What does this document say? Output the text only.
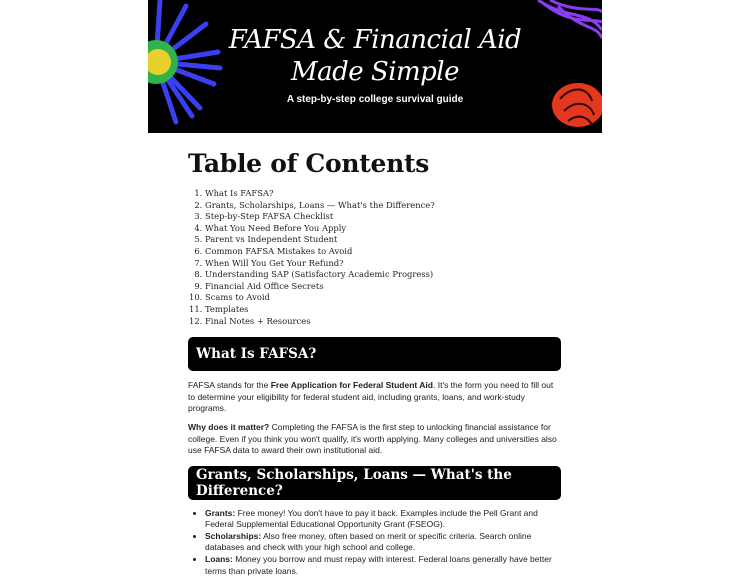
FAFSA & Financial Aid
Made Simple
A step-by-step college survival guide
Table of Contents
1. What Is FAFSA?
2. Grants, Scholarships, Loans — What's the Difference?
3. Step-by-Step FAFSA Checklist
4. What You Need Before You Apply
5. Parent vs Independent Student
6. Common FAFSA Mistakes to Avoid
7. When Will You Get Your Refund?
8. Understanding SAP (Satisfactory Academic Progress)
9. Financial Aid Office Secrets
10. Scams to Avoid
11. Templates
12. Final Notes + Resources
What Is FAFSA?

FAFSA stands for the Free Application for Federal Student Aid. It's the form you need to fill out to determine your eligibility for federal student aid, including grants, loans, and work-study programs.

Why does it matter? Completing the FAFSA is the first step to unlocking financial assistance for college. Even if you think you won't qualify, it's worth applying. Many colleges and universities also use FAFSA data to award their own institutional aid.

Grants, Scholarships, Loans — What's the Difference?
• Grants: Free money! You don't have to pay it back. Examples include the Pell Grant and Federal Supplemental Educational Opportunity Grant (FSEOG).
• Scholarships: Also free money, often based on merit or specific criteria. Search online databases and check with your high school and college.
• Loans: Money you borrow and must repay with interest. Federal loans generally have better terms than private loans.
